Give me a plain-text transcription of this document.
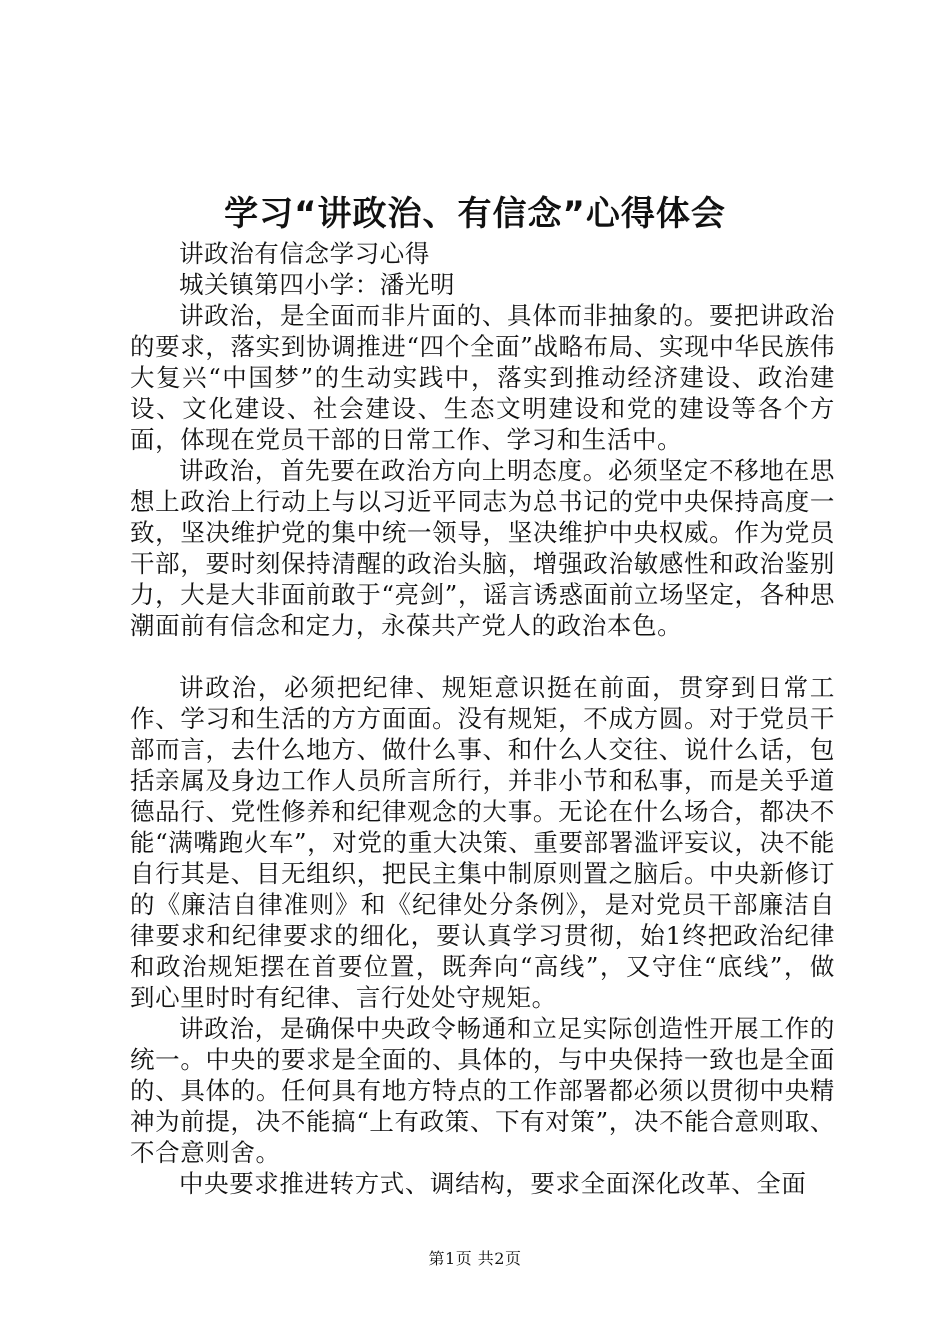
学习“讲政治、有信念”心得体会

讲政治有信念学习心得

城关镇第四小学：潘光明

讲政治，是全面而非片面的、具体而非抽象的。要把讲政治的要求，落实到协调推进“四个全面”战略布局、实现中华民族伟大复兴“中国梦”的生动实践中，落实到推动经济建设、政治建设、文化建设、社会建设、生态文明建设和党的建设等各个方面，体现在党员干部的日常工作、学习和生活中。

讲政治，首先要在政治方向上明态度。必须坚定不移地在思想上政治上行动上与以习近平同志为总书记的党中央保持高度一致，坚决维护党的集中统一领导，坚决维护中央权威。作为党员干部，要时刻保持清醒的政治头脑，增强政治敏感性和政治鉴别力，大是大非面前敢于“亮剑”，谣言诱惑面前立场坚定，各种思潮面前有信念和定力，永葆共产党人的政治本色。

讲政治，必须把纪律、规矩意识挺在前面，贯穿到日常工作、学习和生活的方方面面。没有规矩，不成方圆。对于党员干部而言，去什么地方、做什么事、和什么人交往、说什么话，包括亲属及身边工作人员所言所行，并非小节和私事，而是关乎道德品行、党性修养和纪律观念的大事。无论在什么场合，都决不能“满嘴跑火车”，对党的重大决策、重要部署滥评妄议，决不能自行其是、目无组织，把民主集中制原则置之脑后。中央新修订的《廉洁自律准则》和《纪律处分条例》，是对党员干部廉洁自律要求和纪律要求的细化，要认真学习贯彻，始1终把政治纪律和政治规矩摆在首要位置，既奔向“高线”，又守住“底线”，做到心里时时有纪律、言行处处守规矩。

讲政治，是确保中央政令畅通和立足实际创造性开展工作的统一。中央的要求是全面的、具体的，与中央保持一致也是全面的、具体的。任何具有地方特点的工作部署都必须以贯彻中央精神为前提，决不能搞“上有政策、下有对策”，决不能合意则取、不合意则舍。

中央要求推进转方式、调结构，要求全面深化改革、全面

第1页 共2页
